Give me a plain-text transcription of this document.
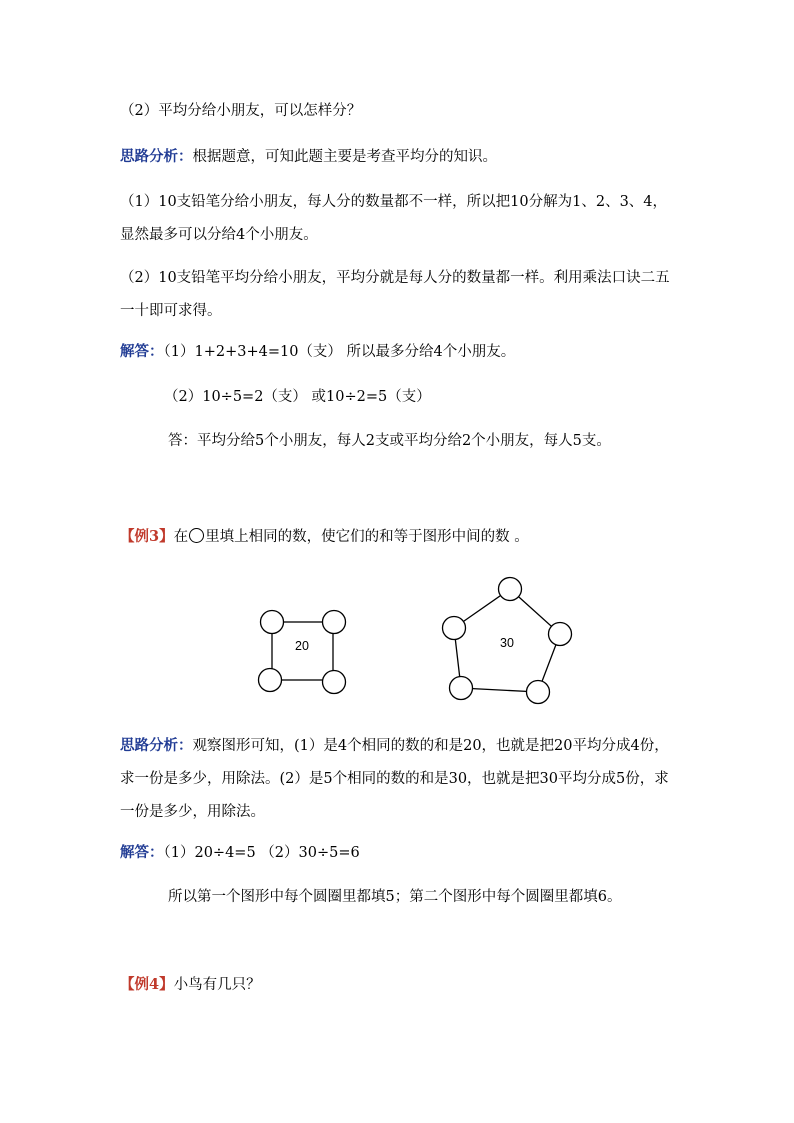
（2）平均分给小朋友，可以怎样分？
思路分析：根据题意，可知此题主要是考查平均分的知识。
（1）10支铅笔分给小朋友，每人分的数量都不一样，所以把10分解为1、2、3、4，显然最多可以分给4个小朋友。
（2）10支铅笔平均分给小朋友，平均分就是每人分的数量都一样。利用乘法口诀二五一十即可求得。
解答：（1）1+2+3+4=10（支） 所以最多分给4个小朋友。
（2）10÷5=2（支） 或10÷2=5（支）
答：平均分给5个小朋友，每人2支或平均分给2个小朋友，每人5支。
【例3】在 里填上相同的数，使它们的和等于图形中间的数 。
20	30
思路分析：观察图形可知，(1）是4个相同的数的和是20，也就是把20平均分成4份，求一份是多少，用除法。(2）是5个相同的数的和是30，也就是把30平均分成5份，求一份是多少，用除法。
解答：（1）20÷4=5 （2）30÷5=6
所以第一个图形中每个圆圈里都填5；第二个图形中每个圆圈里都填6。
【例4】小鸟有几只？
